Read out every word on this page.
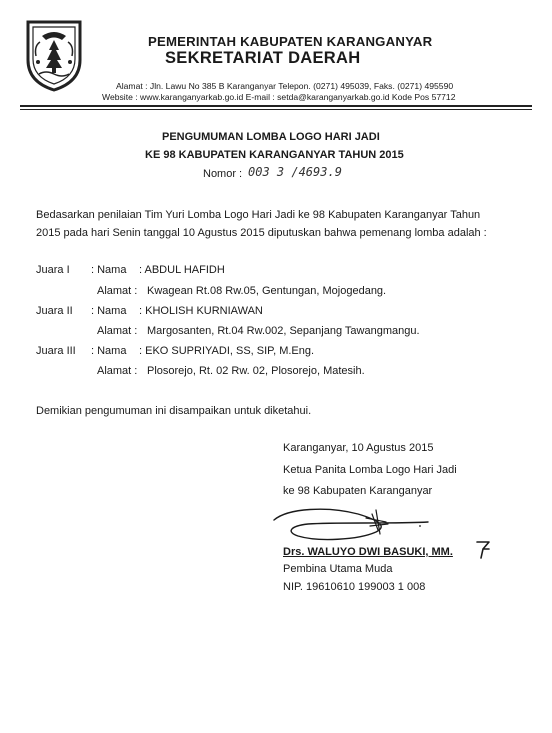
PEMERINTAH KABUPATEN KARANGANYAR
SEKRETARIAT DAERAH
Alamat : Jln. Lawu No 385 B Karanganyar Telepon. (0271) 495039, Faks. (0271) 495590
Website : www.karanganyarkab.go.id E-mail : setda@karanganyarkab.go.id Kode Pos 57712
PENGUMUMAN LOMBA LOGO HARI JADI
KE 98 KABUPATEN KARANGANYAR TAHUN 2015
Nomor : 003 3 /4693.9
Bedasarkan penilaian Tim Yuri Lomba Logo Hari Jadi ke 98 Kabupaten Karanganyar Tahun
2015 pada hari Senin tanggal 10 Agustus 2015 diputuskan bahwa pemenang lomba adalah :
Juara I : Nama : ABDUL HAFIDH
Alamat : Kwagean Rt.08 Rw.05, Gentungan, Mojogedang.
Juara II : Nama : KHOLISH KURNIAWAN
Alamat : Margosanten, Rt.04 Rw.002, Sepanjang Tawangmangu.
Juara III : Nama : EKO SUPRIYADI, SS, SIP, M.Eng.
Alamat : Plosorejo, Rt. 02 Rw. 02, Plosorejo, Matesih.
Demikian pengumuman ini disampaikan untuk diketahui.
Karanganyar, 10 Agustus 2015
Ketua Panita Lomba Logo Hari Jadi
ke 98 Kabupaten Karanganyar
Drs. WALUYO DWI BASUKI, MM.
Pembina Utama Muda
NIP. 19610610 199003 1 008
